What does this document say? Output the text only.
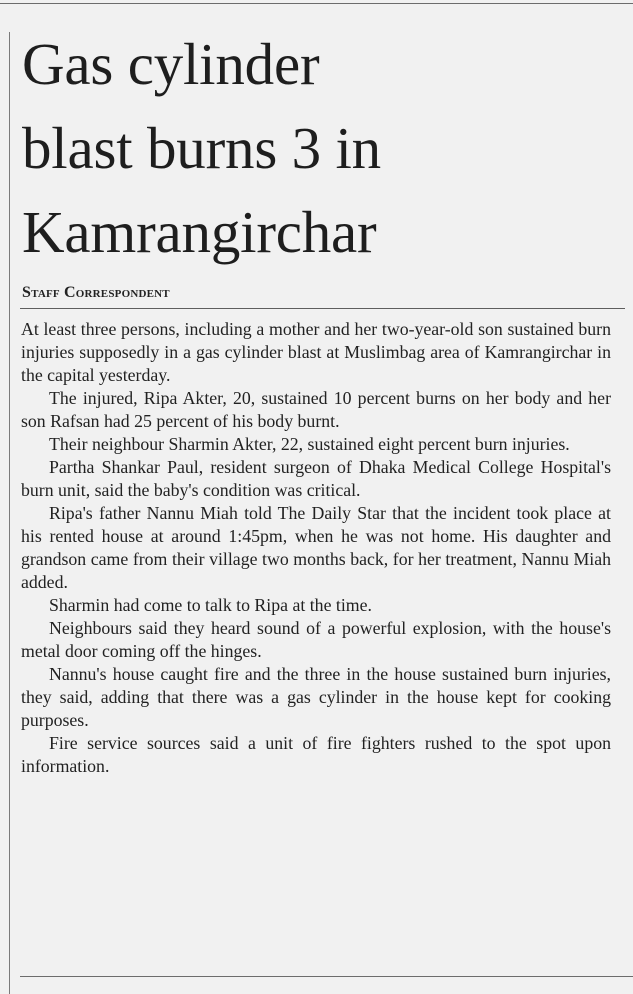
Gas cylinder
blast burns 3 in
Kamrangirchar
Staff Correspondent

At least three persons, including a mother and her two-year-old son sustained burn injuries supposedly in a gas cylinder blast at Muslimbag area of Kamrangirchar in the capital yesterday.

The injured, Ripa Akter, 20, sustained 10 percent burns on her body and her son Rafsan had 25 percent of his body burnt.

Their neighbour Sharmin Akter, 22, sustained eight percent burn injuries.

Partha Shankar Paul, resident surgeon of Dhaka Medical College Hospital's burn unit, said the baby's condition was critical.

Ripa's father Nannu Miah told The Daily Star that the incident took place at his rented house at around 1:45pm, when he was not home. His daughter and grandson came from their village two months back, for her treatment, Nannu Miah added.

Sharmin had come to talk to Ripa at the time.

Neighbours said they heard sound of a powerful explosion, with the house's metal door coming off the hinges.

Nannu's house caught fire and the three in the house sustained burn injuries, they said, adding that there was a gas cylinder in the house kept for cooking purposes.

Fire service sources said a unit of fire fighters rushed to the spot upon information.
